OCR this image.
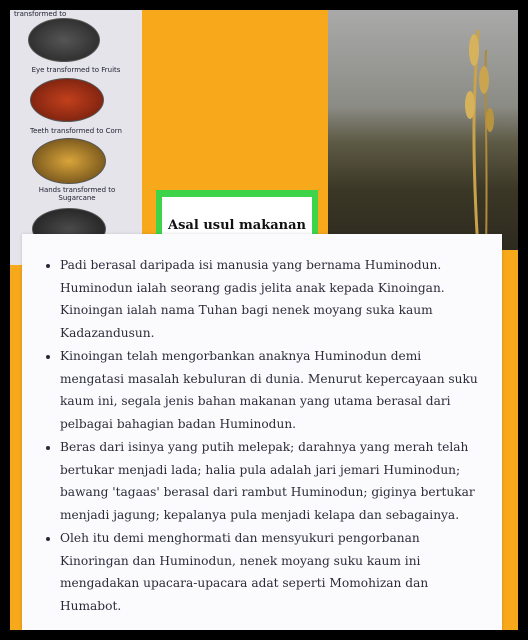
transformed to
Eye transformed to Fruits
Teeth transformed to Corn
Hands transformed to Sugarcane
Asal usul makanan
• Padi berasal daripada isi manusia yang bernama Huminodun. Huminodun ialah seorang gadis jelita anak kepada Kinoingan. Kinoingan ialah nama Tuhan bagi nenek moyang suka kaum Kadazandusun.
• Kinoingan telah mengorbankan anaknya Huminodun demi mengatasi masalah kebuluran di dunia. Menurut kepercayaan suku kaum ini, segala jenis bahan makanan yang utama berasal dari pelbagai bahagian badan Huminodun.
• Beras dari isinya yang putih melepak; darahnya yang merah telah bertukar menjadi lada; halia pula adalah jari jemari Huminodun; bawang 'tagaas' berasal dari rambut Huminodun; giginya bertukar menjadi jagung; kepalanya pula menjadi kelapa dan sebagainya.
• Oleh itu demi menghormati dan mensyukuri pengorbanan Kinoringan dan Huminodun, nenek moyang suku kaum ini mengadakan upacara-upacara adat seperti Momohizan dan Humabot.
